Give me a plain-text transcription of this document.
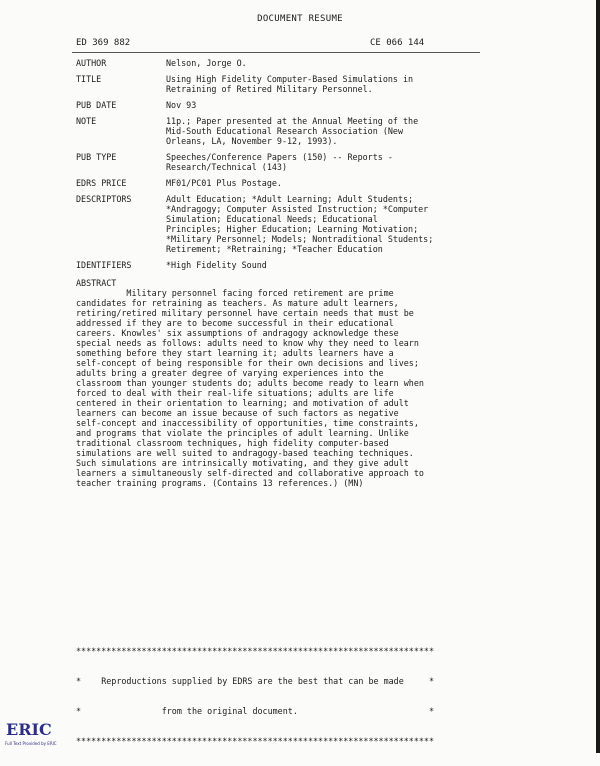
DOCUMENT RESUME
ED 369 882	CE 066 144
AUTHOR	Nelson, Jorge O.
TITLE	Using High Fidelity Computer-Based Simulations in
Retraining of Retired Military Personnel.
PUB DATE	Nov 93
NOTE	11p.; Paper presented at the Annual Meeting of the
Mid-South Educational Research Association (New
Orleans, LA, November 9-12, 1993).
PUB TYPE	Speeches/Conference Papers (150) -- Reports -
Research/Technical (143)
EDRS PRICE	MF01/PC01 Plus Postage.
DESCRIPTORS	Adult Education; *Adult Learning; Adult Students;
*Andragogy; Computer Assisted Instruction; *Computer
Simulation; Educational Needs; Educational
Principles; Higher Education; Learning Motivation;
*Military Personnel; Models; Nontraditional Students;
Retirement; *Retraining; *Teacher Education
IDENTIFIERS	*High Fidelity Sound
ABSTRACT
Military personnel facing forced retirement are prime
candidates for retraining as teachers. As mature adult learners,
retiring/retired military personnel have certain needs that must be
addressed if they are to become successful in their educational
careers. Knowles' six assumptions of andragogy acknowledge these
special needs as follows: adults need to know why they need to learn
something before they start learning it; adults learners have a
self-concept of being responsible for their own decisions and lives;
adults bring a greater degree of varying experiences into the
classroom than younger students do; adults become ready to learn when
forced to deal with their real-life situations; adults are life
centered in their orientation to learning; and motivation of adult
learners can become an issue because of such factors as negative
self-concept and inaccessibility of opportunities, time constraints,
and programs that violate the principles of adult learning. Unlike
traditional classroom techniques, high fidelity computer-based
simulations are well suited to andragogy-based teaching techniques.
Such simulations are intrinsically motivating, and they give adult
learners a simultaneously self-directed and collaborative approach to
teacher training programs. (Contains 13 references.) (MN)

***********************************************************************

*    Reproductions supplied by EDRS are the best that can be made     *

*                from the original document.                          *

***********************************************************************

ERIC
Full Text Provided by ERIC
